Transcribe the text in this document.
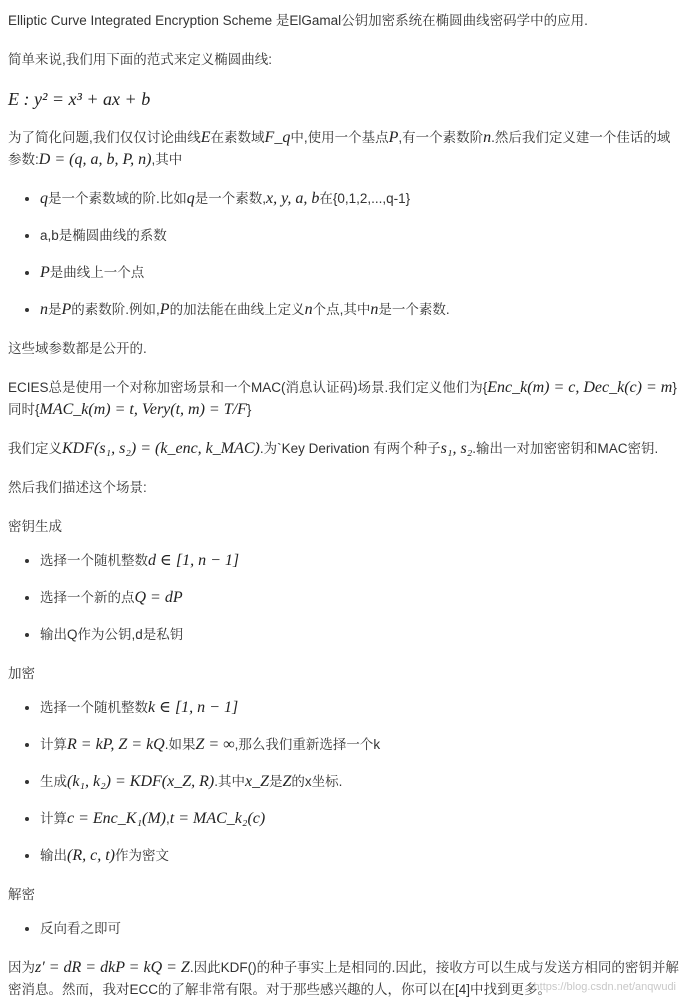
Elliptic Curve Integrated Encryption Scheme 是ElGamal公钥加密系统在椭圆曲线密码学中的应用.

简单来说,我们用下面的范式来定义椭圆曲线:

E : y² = x³ + ax + b

为了简化问题,我们仅仅讨论曲线E在素数域F_q中,使用一个基点P,有一个素数阶n.然后我们定义建一个佳话的域参数:D = (q, a, b, P, n),其中

• q是一个素数域的阶.比如q是一个素数,x, y, a, b在{0,1,2,...,q-1}
• a,b是椭圆曲线的系数
• P是曲线上一个点
• n是P的素数阶.例如,P的加法能在曲线上定义n个点,其中n是一个素数.

这些域参数都是公开的.

ECIES总是使用一个对称加密场景和一个MAC(消息认证码)场景.我们定义他们为{Enc_k(m) = c, Dec_k(c) = m}同时{MAC_k(m) = t, Very(t, m) = T/F}

我们定义KDF(s₁, s₂) = (k_enc, k_MAC).为`Key Derivation 有两个种子s₁, s₂.输出一对加密密钥和MAC密钥.

然后我们描述这个场景:

密钥生成

• 选择一个随机整数d ∈ [1, n − 1]
• 选择一个新的点Q = dP
• 输出Q作为公钥,d是私钥

加密

• 选择一个随机整数k ∈ [1, n − 1]
• 计算R = kP, Z = kQ.如果Z = ∞,那么我们重新选择一个k
• 生成(k₁, k₂) = KDF(x_Z, R).其中x_Z是Z的x坐标.
• 计算c = Enc_K₁(M),t = MAC_k₂(c)
• 输出(R, c, t)作为密文

解密

• 反向看之即可

因为z′ = dR = dkP = kQ = Z.因此KDF()的种子事实上是相同的.因此，接收方可以生成与发送方相同的密钥并解密消息。然而，我对ECC的了解非常有限。对于那些感兴趣的人，你可以在[4]中找到更多。

https://blog.csdn.net/anqwudi
